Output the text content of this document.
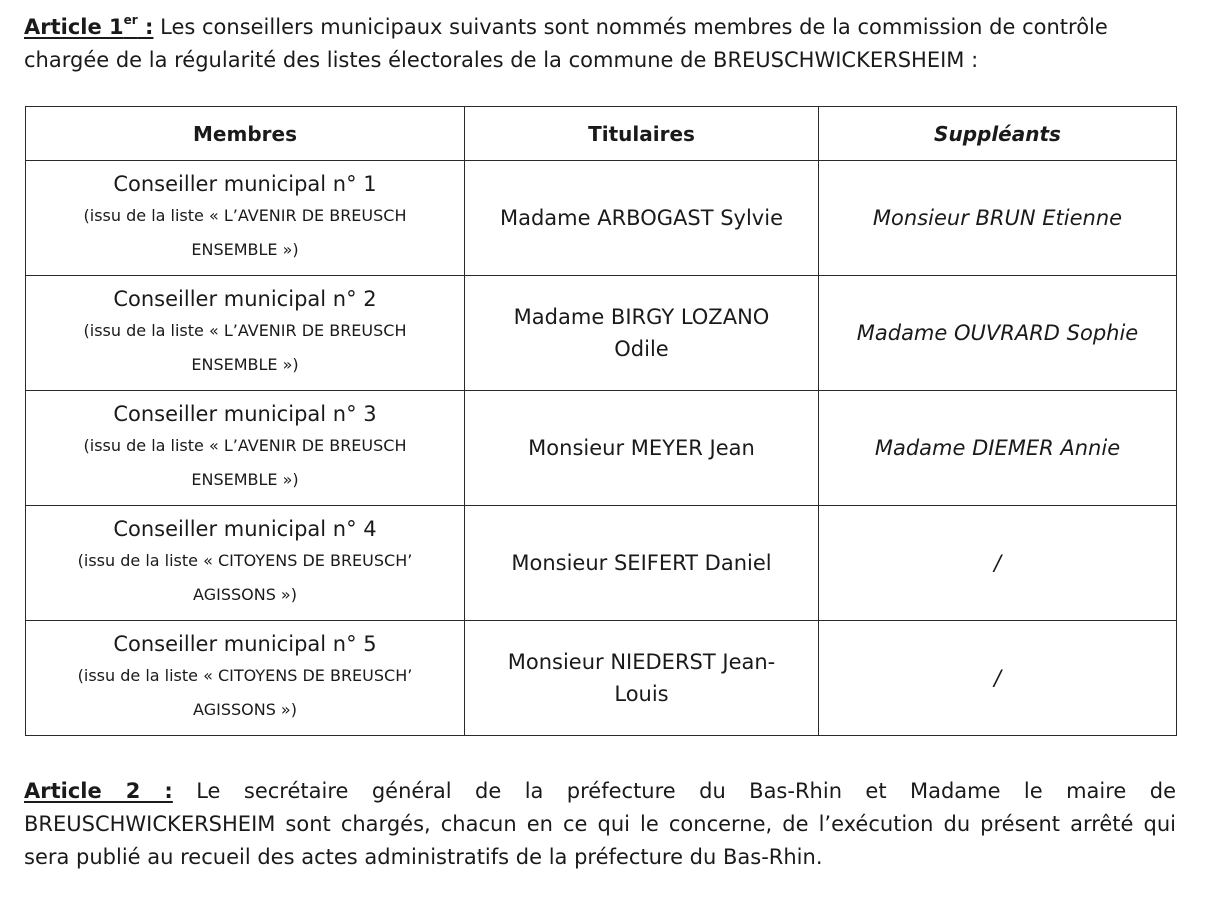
Article 1er : Les conseillers municipaux suivants sont nommés membres de la commission de contrôle chargée de la régularité des listes électorales de la commune de BREUSCHWICKERSHEIM :
Membres	Titulaires	Suppléants

Conseiller municipal n° 1
(issu de la liste « L’AVENIR DE BREUSCH ENSEMBLE »)	Madame ARBOGAST Sylvie	Monsieur BRUN Etienne

Conseiller municipal n° 2
(issu de la liste « L’AVENIR DE BREUSCH ENSEMBLE »)	Madame BIRGY LOZANO Odile	Madame OUVRARD Sophie

Conseiller municipal n° 3
(issu de la liste « L’AVENIR DE BREUSCH ENSEMBLE »)	Monsieur MEYER Jean	Madame DIEMER Annie

Conseiller municipal n° 4
(issu de la liste « CITOYENS DE BREUSCH’ AGISSONS »)	Monsieur SEIFERT Daniel	/

Conseiller municipal n° 5
(issu de la liste « CITOYENS DE BREUSCH’ AGISSONS »)	Monsieur NIEDERST Jean-Louis	/
Article 2 : Le secrétaire général de la préfecture du Bas-Rhin et Madame le maire de BREUSCHWICKERSHEIM sont chargés, chacun en ce qui le concerne, de l’exécution du présent arrêté qui sera publié au recueil des actes administratifs de la préfecture du Bas-Rhin.
